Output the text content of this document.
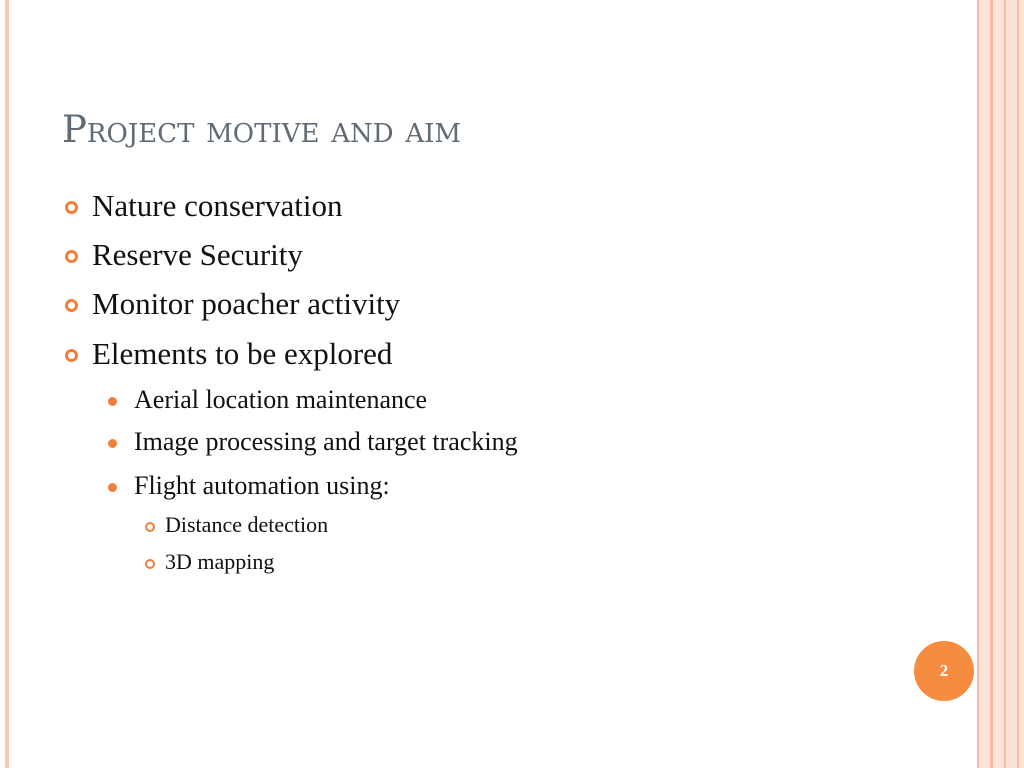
Project motive and aim
Nature conservation
Reserve Security
Monitor poacher activity
Elements to be explored
Aerial location maintenance
Image processing and target tracking
Flight automation using:
Distance detection
3D mapping
2
